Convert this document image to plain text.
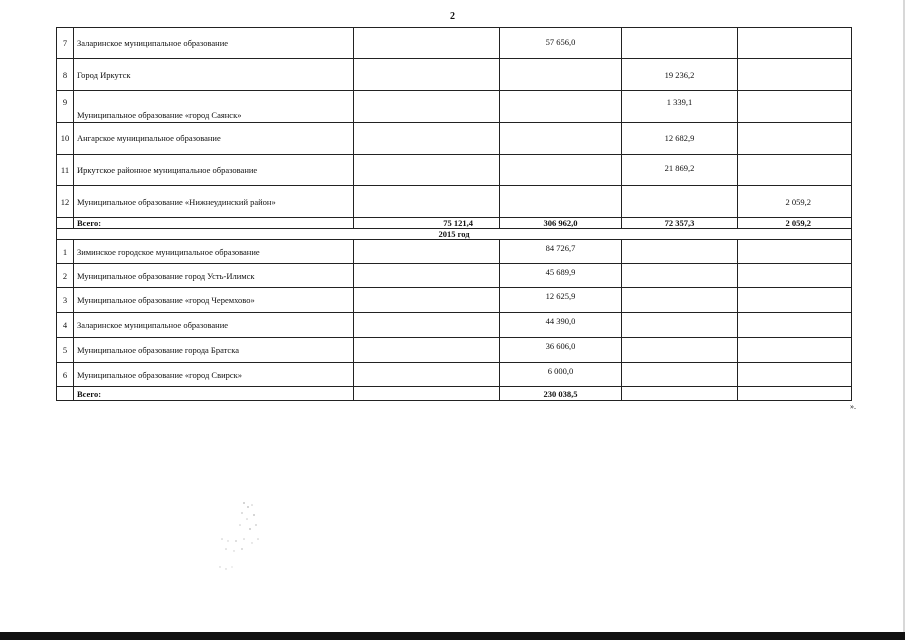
2
7	Заларинское муниципальное образование		57 656,0		
8	Город Иркутск			19 236,2	
9	Муниципальное образование «город Саянск»			1 339,1	
10	Ангарское муниципальное образование			12 682,9	
11	Иркутское районное муниципальное образование			21 869,2	
12	Муниципальное образование «Нижнеудинский район»				2 059,2
	Всего:	75 121,4	306 962,0	72 357,3	2 059,2
2015 год					
1	Зиминское городское муниципальное образование		84 726,7		
2	Муниципальное образование город Усть-Илимск		45 689,9		
3	Муниципальное образование «город Черемхово»		12 625,9		
4	Заларинское муниципальное образование		44 390,0		
5	Муниципальное образование города Братска		36 606,0		
6	Муниципальное образование «город Свирск»		6 000,0		
	Всего:		230 038,5		
».
